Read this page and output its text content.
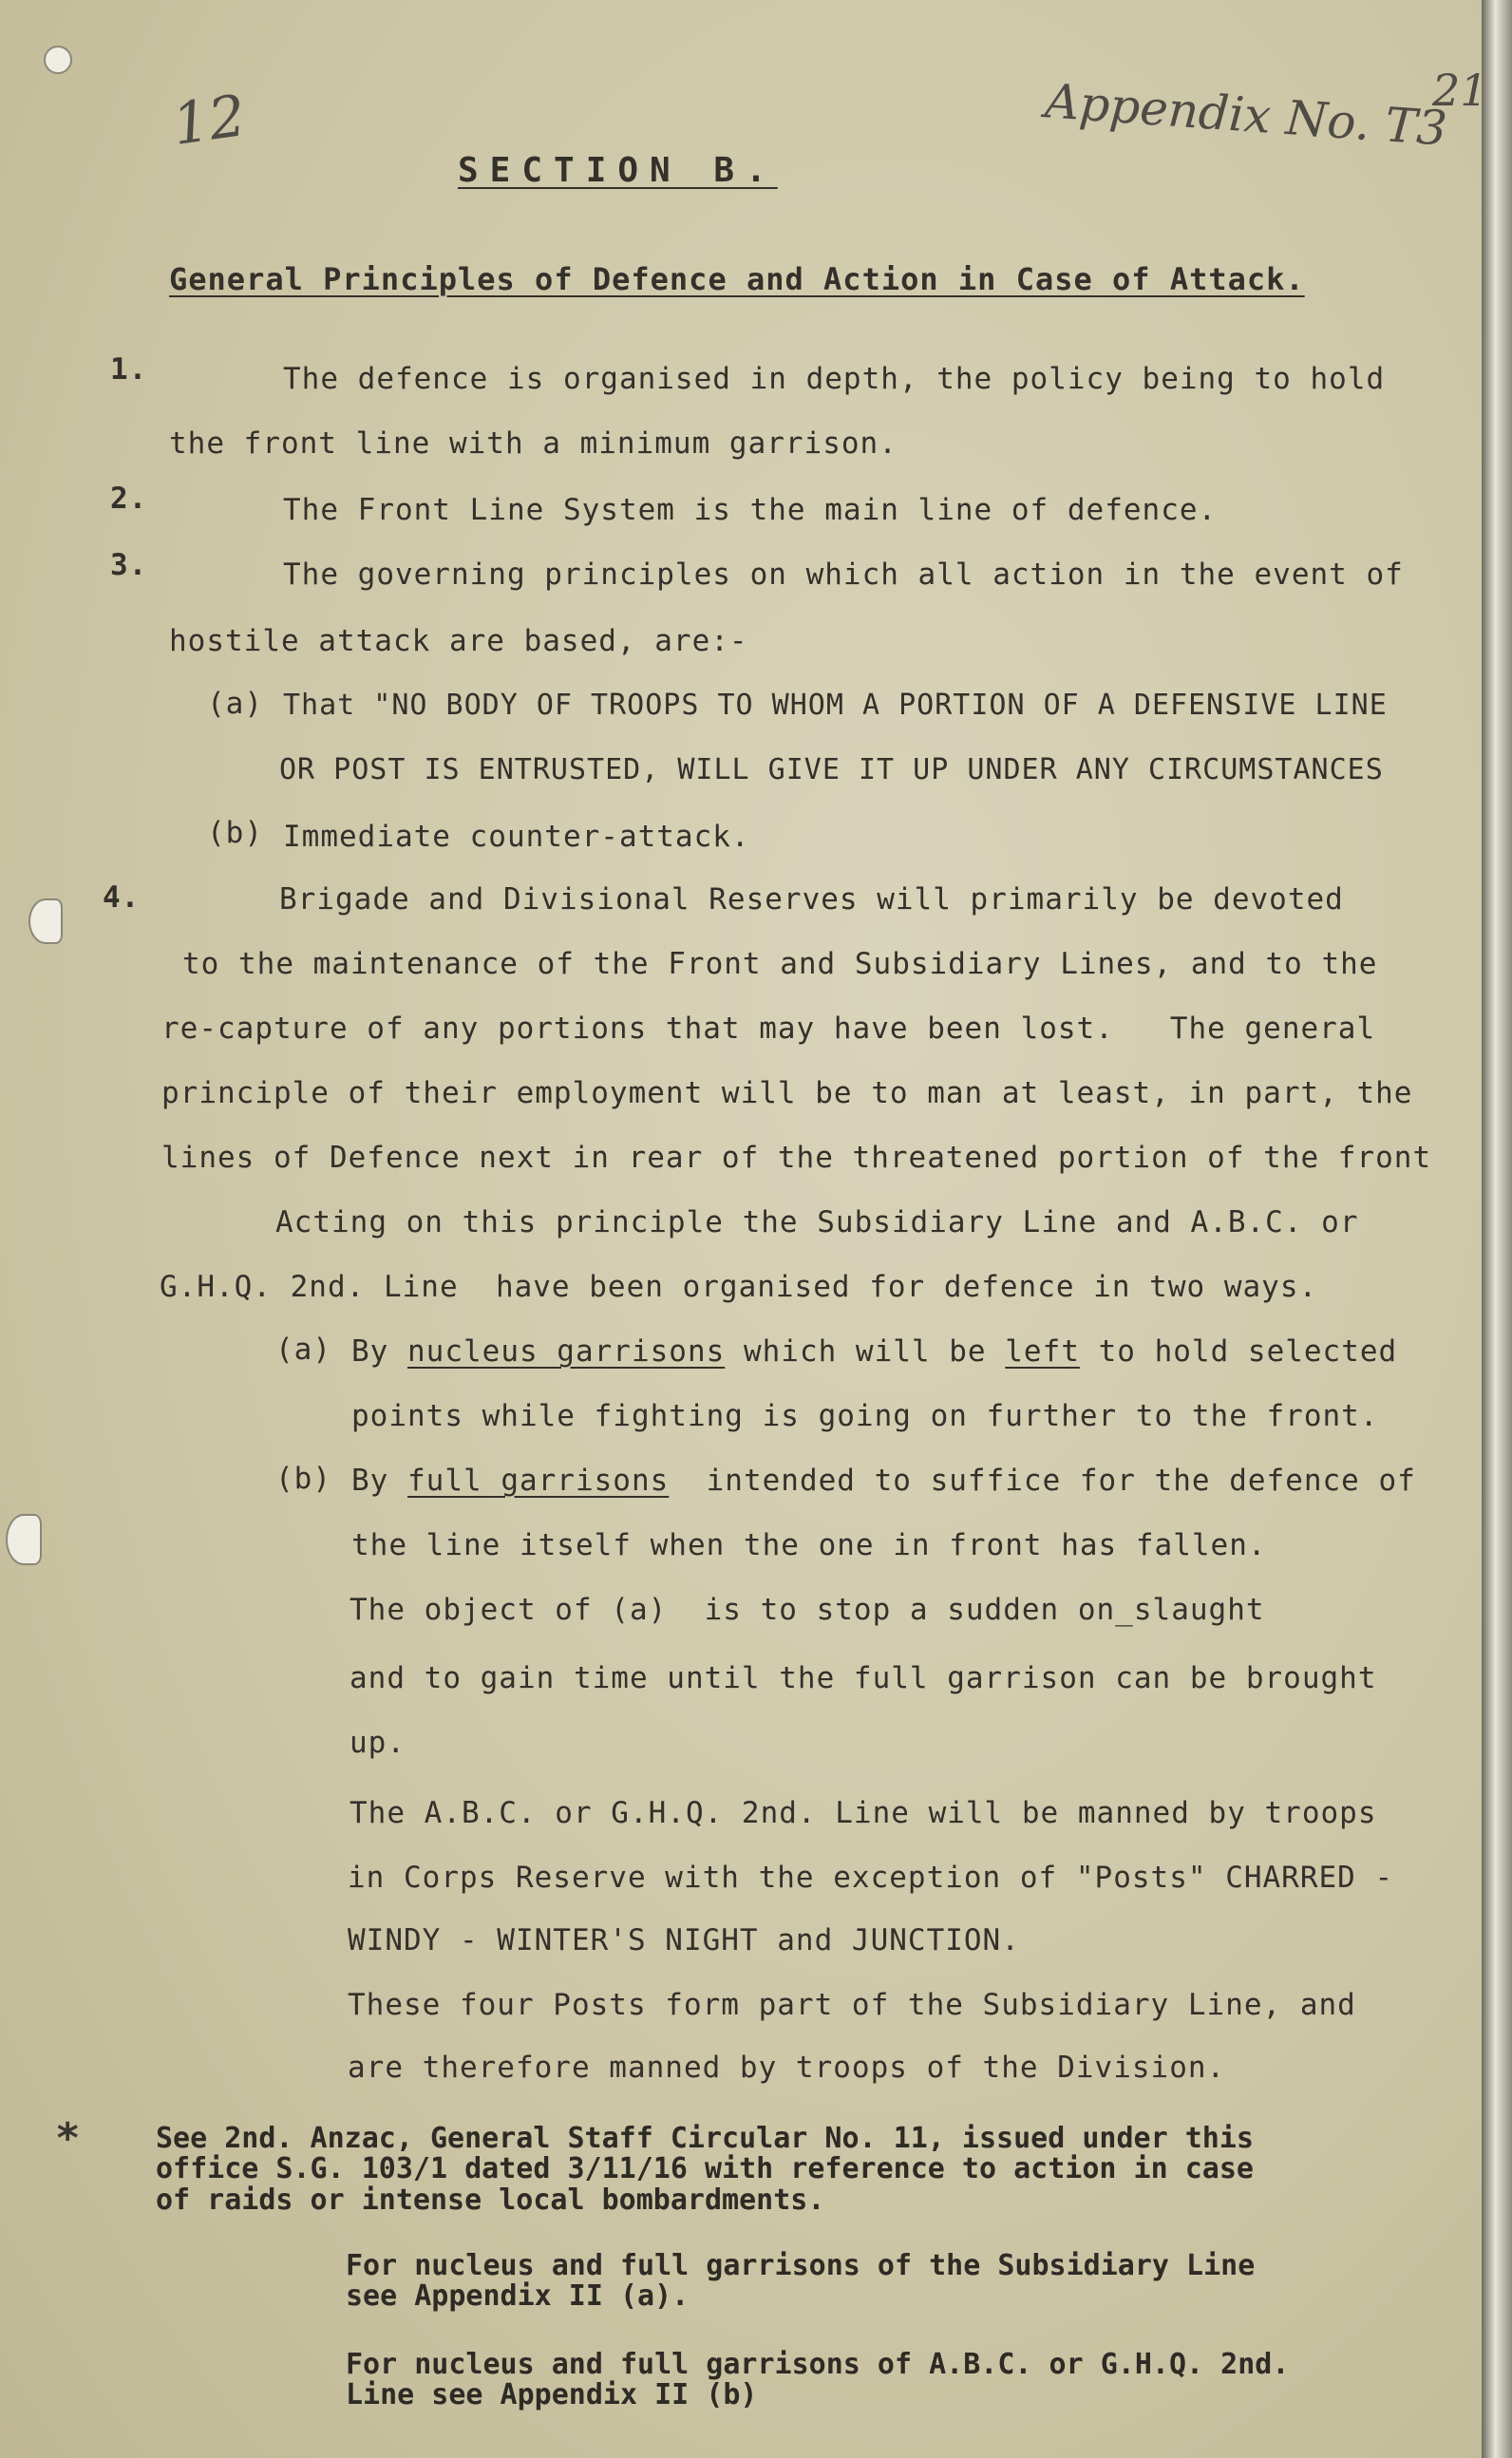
12	Appendix No. T3
21
SECTION B.
General Principles of Defence and Action in Case of Attack.
1.	The defence is organised in depth, the policy being to hold
the front line with a minimum garrison.
2.	The Front Line System is the main line of defence.
3.	The governing principles on which all action in the event of
hostile attack are based, are:-
(a) That "NO BODY OF TROOPS TO WHOM A PORTION OF A DEFENSIVE LINE
OR POST IS ENTRUSTED, WILL GIVE IT UP UNDER ANY CIRCUMSTANCES
(b) Immediate counter-attack.
4.	Brigade and Divisional Reserves will primarily be devoted
to the maintenance of the Front and Subsidiary Lines, and to the
re-capture of any portions that may have been lost.   The general
principle of their employment will be to man at least, in part, the
lines of Defence next in rear of the threatened portion of the front
Acting on this principle the Subsidiary Line and A.B.C. or
G.H.Q. 2nd. Line  have been organised for defence in two ways.
(a) By nucleus garrisons which will be left to hold selected
points while fighting is going on further to the front.
(b) By full garrisons intended to suffice for the defence of
the line itself when the one in front has fallen.
The object of (a)  is to stop a sudden on_slaught
and to gain time until the full garrison can be brought
up.
The A.B.C. or G.H.Q. 2nd. Line will be manned by troops
in Corps Reserve with the exception of "Posts" CHARRED -
WINDY - WINTER'S NIGHT and JUNCTION.
These four Posts form part of the Subsidiary Line, and
are therefore manned by troops of the Division.
*	See 2nd. Anzac, General Staff Circular No. 11, issued under this
office S.G. 103/1 dated 3/11/16 with reference to action in case
of raids or intense local bombardments.
For nucleus and full garrisons of the Subsidiary Line
see Appendix II (a).
For nucleus and full garrisons of A.B.C. or G.H.Q. 2nd.
Line see Appendix II (b)
